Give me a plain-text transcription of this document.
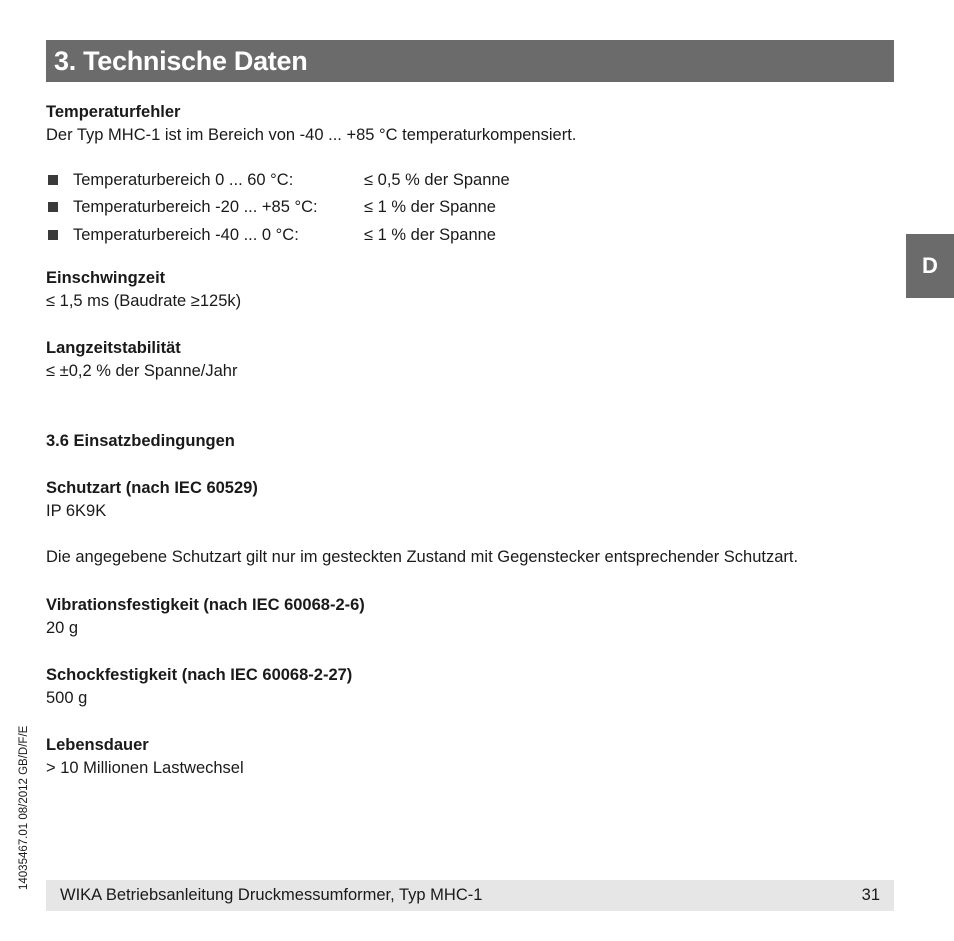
3. Technische Daten
D
14035467.01 08/2012 GB/D/F/E
Temperaturfehler
Der Typ MHC-1 ist im Bereich von -40 ... +85 °C temperaturkompensiert.
Temperaturbereich 0 ... 60 °C:	≤ 0,5 % der Spanne
Temperaturbereich -20 ... +85 °C:	≤ 1 % der Spanne
Temperaturbereich -40 ... 0 °C:	≤ 1 % der Spanne
Einschwingzeit
≤ 1,5 ms (Baudrate ≥125k)
Langzeitstabilität
≤ ±0,2 % der Spanne/Jahr
3.6 Einsatzbedingungen
Schutzart (nach IEC 60529)
IP 6K9K
Die angegebene Schutzart gilt nur im gesteckten Zustand mit Gegenstecker entsprechender Schutzart.
Vibrationsfestigkeit (nach IEC 60068-2-6)
20 g
Schockfestigkeit (nach IEC 60068-2-27)
500 g
Lebensdauer
> 10 Millionen Lastwechsel
WIKA Betriebsanleitung Druckmessumformer, Typ MHC-1	31
